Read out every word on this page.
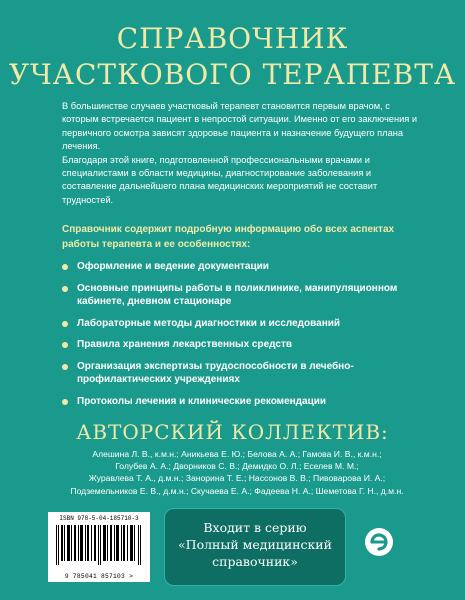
СПРАВОЧНИК
УЧАСТКОВОГО ТЕРАПЕВТА

В большинстве случаев участковый терапевт становится первым врачом, с которым встречается пациент в непростой ситуации. Именно от его заключения и первичного осмотра зависят здоровье пациента и назначение будущего плана лечения.

Благодаря этой книге, подготовленной профессиональными врачами и специалистами в области медицины, диагностирование заболевания и составление дальнейшего плана медицинских мероприятий не составит трудностей.

Справочник содержит подробную информацию обо всех аспектах работы терапевта и ее особенностях:
Оформление и ведение документации
Основные принципы работы в поликлинике, манипуляционном кабинете, дневном стационаре
Лабораторные методы диагностики и исследований
Правила хранения лекарственных средств
Организация экспертизы трудоспособности в лечебно-профилактических учреждениях
Протоколы лечения и клинические рекомендации
АВТОРСКИЙ КОЛЛЕКТИВ:
Алешина Л. В., к.м.н.; Аникьева Е. Ю.; Белова А. А.; Гамова И. В., к.м.н.;
Голубев А. А.; Дворников С. В.; Демидко О. Л.; Еселев М. М.;
Журавлева Т. А., д.м.н.; Занорина Т. Е.; Нассонов В. В.; Пивоварова И. А.;
Подземельников Е. В., д.м.н.; Скучаева Е. А.; Фадеева Н. А.; Шеметова Г. Н., д.м.н.
ISBN 978-5-04-185710-3
9 785041 857103 >
Входит в серию
«Полный медицинский
справочник»
